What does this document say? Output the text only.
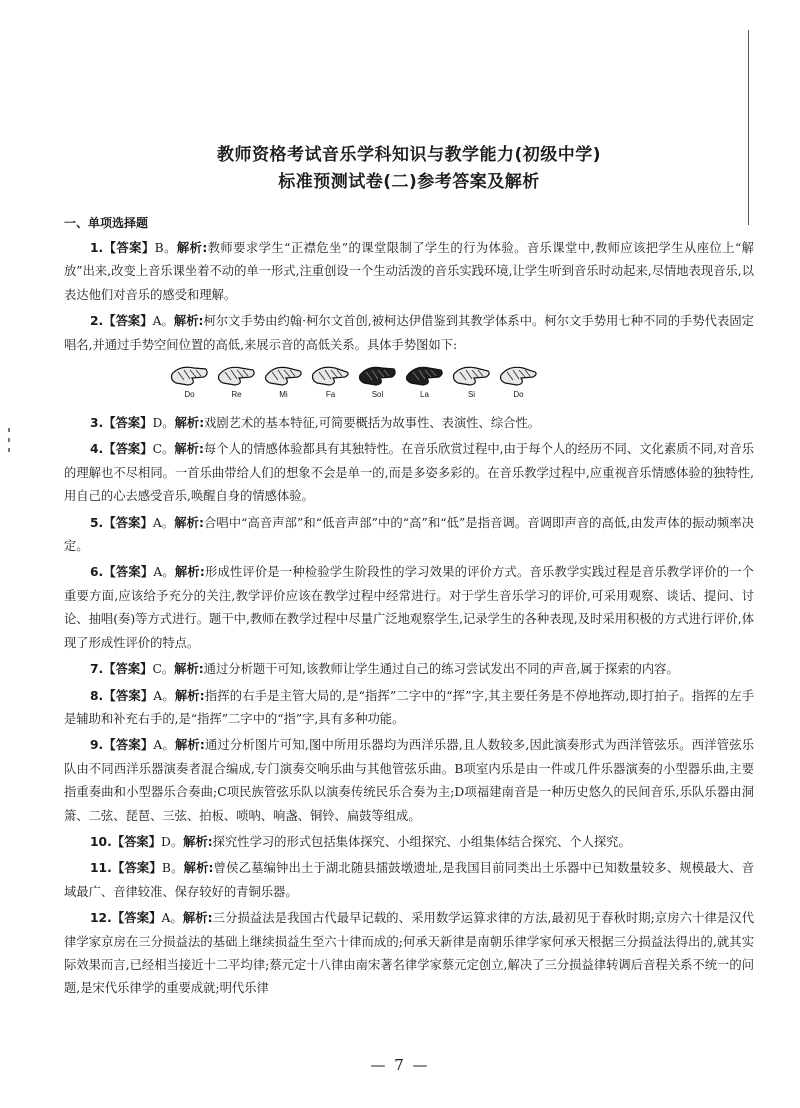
教师资格考试音乐学科知识与教学能力(初级中学)
标准预测试卷(二)参考答案及解析
一、单项选择题

1.【答案】B。解析:教师要求学生“正襟危坐”的课堂限制了学生的行为体验。音乐课堂中,教师应该把学生从座位上“解放”出来,改变上音乐课坐着不动的单一形式,注重创设一个生动活泼的音乐实践环境,让学生听到音乐时动起来,尽情地表现音乐,以表达他们对音乐的感受和理解。

2.【答案】A。解析:柯尔文手势由约翰·柯尔文首创,被柯达伊借鉴到其教学体系中。柯尔文手势用七种不同的手势代表固定唱名,并通过手势空间位置的高低,来展示音的高低关系。具体手势图如下:

Do	Re	Mi	Fa	Sol	La	Si	Do

3.【答案】D。解析:戏剧艺术的基本特征,可简要概括为故事性、表演性、综合性。

4.【答案】C。解析:每个人的情感体验都具有其独特性。在音乐欣赏过程中,由于每个人的经历不同、文化素质不同,对音乐的理解也不尽相同。一首乐曲带给人们的想象不会是单一的,而是多姿多彩的。在音乐教学过程中,应重视音乐情感体验的独特性,用自己的心去感受音乐,唤醒自身的情感体验。

5.【答案】A。解析:合唱中“高音声部”和“低音声部”中的“高”和“低”是指音调。音调即声音的高低,由发声体的振动频率决定。

6.【答案】A。解析:形成性评价是一种检验学生阶段性的学习效果的评价方式。音乐教学实践过程是音乐教学评价的一个重要方面,应该给予充分的关注,教学评价应该在教学过程中经常进行。对于学生音乐学习的评价,可采用观察、谈话、提问、讨论、抽唱(奏)等方式进行。题干中,教师在教学过程中尽量广泛地观察学生,记录学生的各种表现,及时采用积极的方式进行评价,体现了形成性评价的特点。

7.【答案】C。解析:通过分析题干可知,该教师让学生通过自己的练习尝试发出不同的声音,属于探索的内容。

8.【答案】A。解析:指挥的右手是主管大局的,是“指挥”二字中的“挥”字,其主要任务是不停地挥动,即打拍子。指挥的左手是辅助和补充右手的,是“指挥”二字中的“指”字,具有多种功能。

9.【答案】A。解析:通过分析图片可知,图中所用乐器均为西洋乐器,且人数较多,因此演奏形式为西洋管弦乐。西洋管弦乐队由不同西洋乐器演奏者混合编成,专门演奏交响乐曲与其他管弦乐曲。B项室内乐是由一件或几件乐器演奏的小型器乐曲,主要指重奏曲和小型器乐合奏曲;C项民族管弦乐队以演奏传统民乐合奏为主;D项福建南音是一种历史悠久的民间音乐,乐队乐器由洞箫、二弦、琵琶、三弦、拍板、唢呐、响盏、铜铃、扁鼓等组成。

10.【答案】D。解析:探究性学习的形式包括集体探究、小组探究、小组集体结合探究、个人探究。

11.【答案】B。解析:曾侯乙墓编钟出土于湖北随县擂鼓墩遗址,是我国目前同类出土乐器中已知数量较多、规模最大、音域最广、音律较准、保存较好的青铜乐器。

12.【答案】A。解析:三分损益法是我国古代最早记载的、采用数学运算求律的方法,最初见于春秋时期;京房六十律是汉代律学家京房在三分损益法的基础上继续损益生至六十律而成的;何承天新律是南朝乐律学家何承天根据三分损益法得出的,就其实际效果而言,已经相当接近十二平均律;蔡元定十八律由南宋著名律学家蔡元定创立,解决了三分损益律转调后音程关系不统一的问题,是宋代乐律学的重要成就;明代乐律

— 7 —
